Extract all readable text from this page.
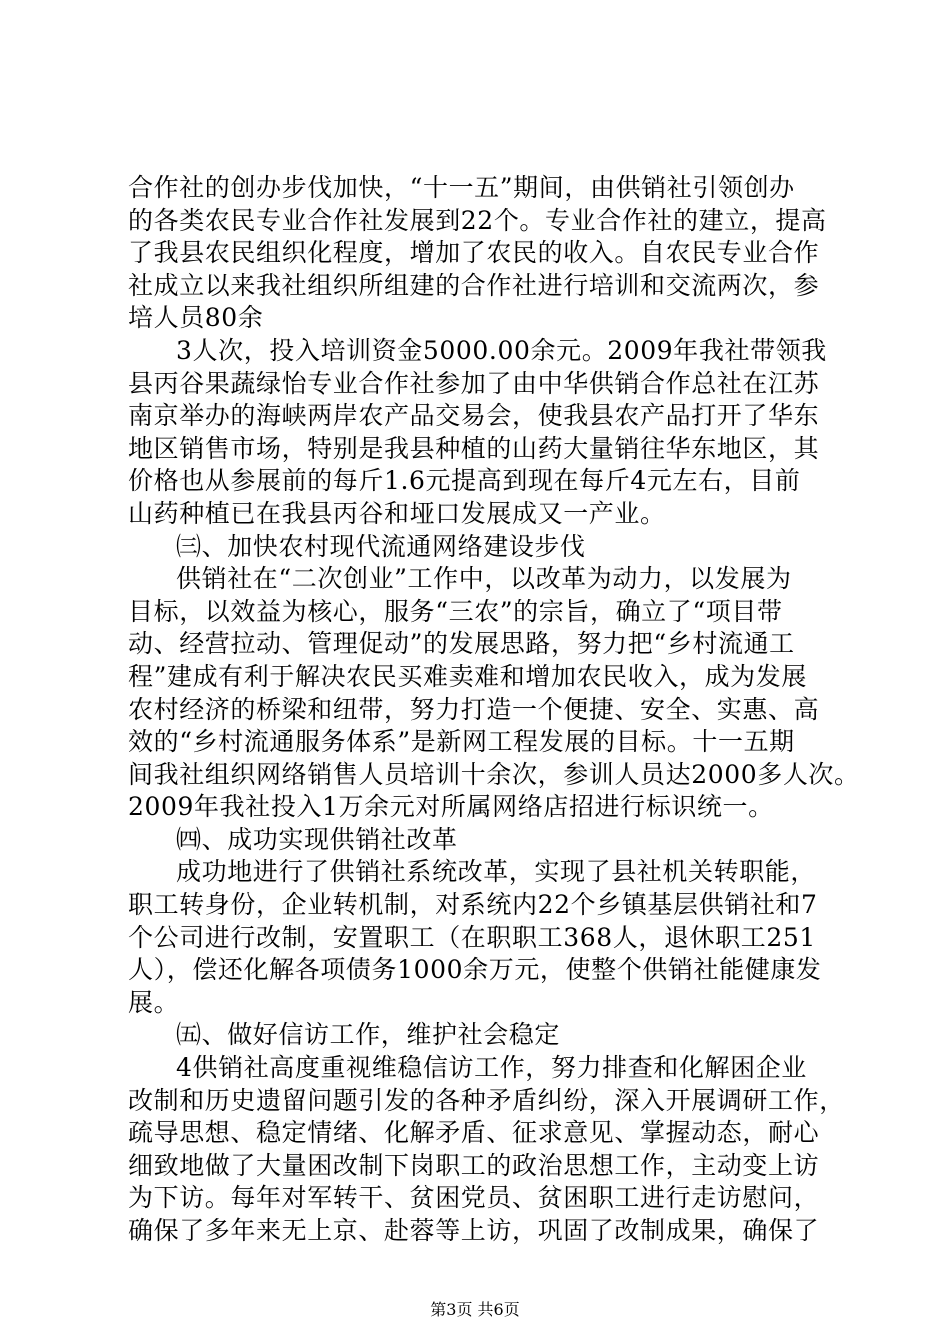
合作社的创办步伐加快，“十一五”期间，由供销社引领创办
的各类农民专业合作社发展到22个。专业合作社的建立，提高
了我县农民组织化程度，增加了农民的收入。自农民专业合作
社成立以来我社组织所组建的合作社进行培训和交流两次，参
培人员80余
3人次，投入培训资金5000.00余元。2009年我社带领我
县丙谷果蔬绿怡专业合作社参加了由中华供销合作总社在江苏
南京举办的海峡两岸农产品交易会，使我县农产品打开了华东
地区销售市场，特别是我县种植的山药大量销往华东地区，其
价格也从参展前的每斤1.6元提高到现在每斤4元左右，目前
山药种植已在我县丙谷和垭口发展成又一产业。
㈢、加快农村现代流通网络建设步伐
供销社在“二次创业”工作中，以改革为动力，以发展为
目标，以效益为核心，服务“三农”的宗旨，确立了“项目带
动、经营拉动、管理促动”的发展思路，努力把“乡村流通工
程”建成有利于解决农民买难卖难和增加农民收入，成为发展
农村经济的桥梁和纽带，努力打造一个便捷、安全、实惠、高
效的“乡村流通服务体系”是新网工程发展的目标。十一五期
间我社组织网络销售人员培训十余次，参训人员达2000多人次。
2009年我社投入1万余元对所属网络店招进行标识统一。
㈣、成功实现供销社改革
成功地进行了供销社系统改革，实现了县社机关转职能，
职工转身份，企业转机制，对系统内22个乡镇基层供销社和7
个公司进行改制，安置职工（在职职工368人，退休职工251
人），偿还化解各项债务1000余万元，使整个供销社能健康发
展。
㈤、做好信访工作，维护社会稳定
4供销社高度重视维稳信访工作，努力排查和化解困企业
改制和历史遗留问题引发的各种矛盾纠纷，深入开展调研工作，
疏导思想、稳定情绪、化解矛盾、征求意见、掌握动态，耐心
细致地做了大量困改制下岗职工的政治思想工作，主动变上访
为下访。每年对军转干、贫困党员、贫困职工进行走访慰问，
确保了多年来无上京、赴蓉等上访，巩固了改制成果，确保了
第3页 共6页
